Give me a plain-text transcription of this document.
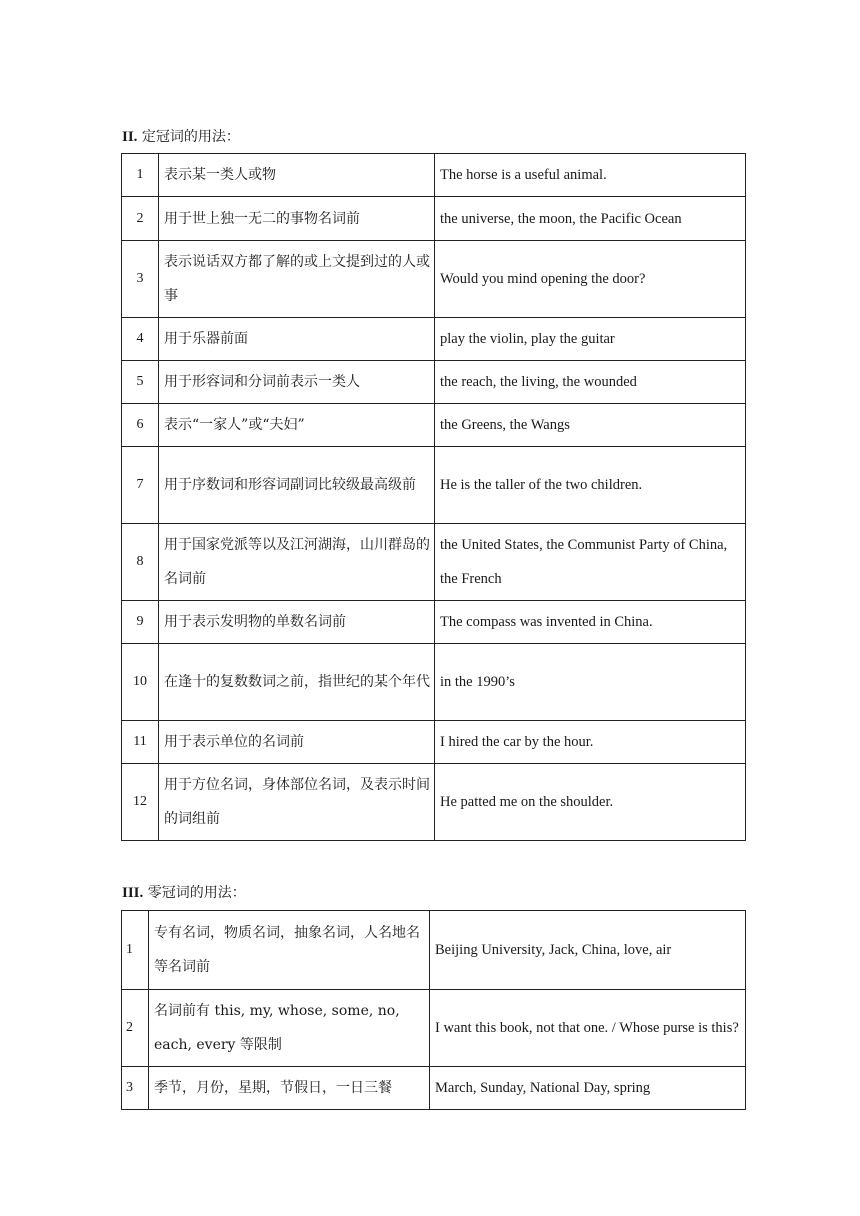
II. 定冠词的用法：
1	表示某一类人或物	The horse is a useful animal.
2	用于世上独一无二的事物名词前	the universe, the moon, the Pacific Ocean
3	表示说话双方都了解的或上文提到过的人或事	Would you mind opening the door?
4	用于乐器前面	play the violin, play the guitar
5	用于形容词和分词前表示一类人	the reach, the living, the wounded
6	表示“一家人”或“夫妇”	the Greens, the Wangs
7	用于序数词和形容词副词比较级最高级前	He is the taller of the two children.
8	用于国家党派等以及江河湖海，山川群岛的名词前	the United States, the Communist Party of China, the French
9	用于表示发明物的单数名词前	The compass was invented in China.
10	在逢十的复数数词之前，指世纪的某个年代	in the 1990’s
11	用于表示单位的名词前	I hired the car by the hour.
12	用于方位名词，身体部位名词，及表示时间的词组前	He patted me on the shoulder.
III. 零冠词的用法：
1	专有名词，物质名词，抽象名词，人名地名等名词前	Beijing University, Jack, China, love, air
2	名词前有 this, my, whose, some, no, each, every 等限制	I want this book, not that one. / Whose purse is this?
3	季节，月份，星期，节假日，一日三餐	March, Sunday, National Day, spring
